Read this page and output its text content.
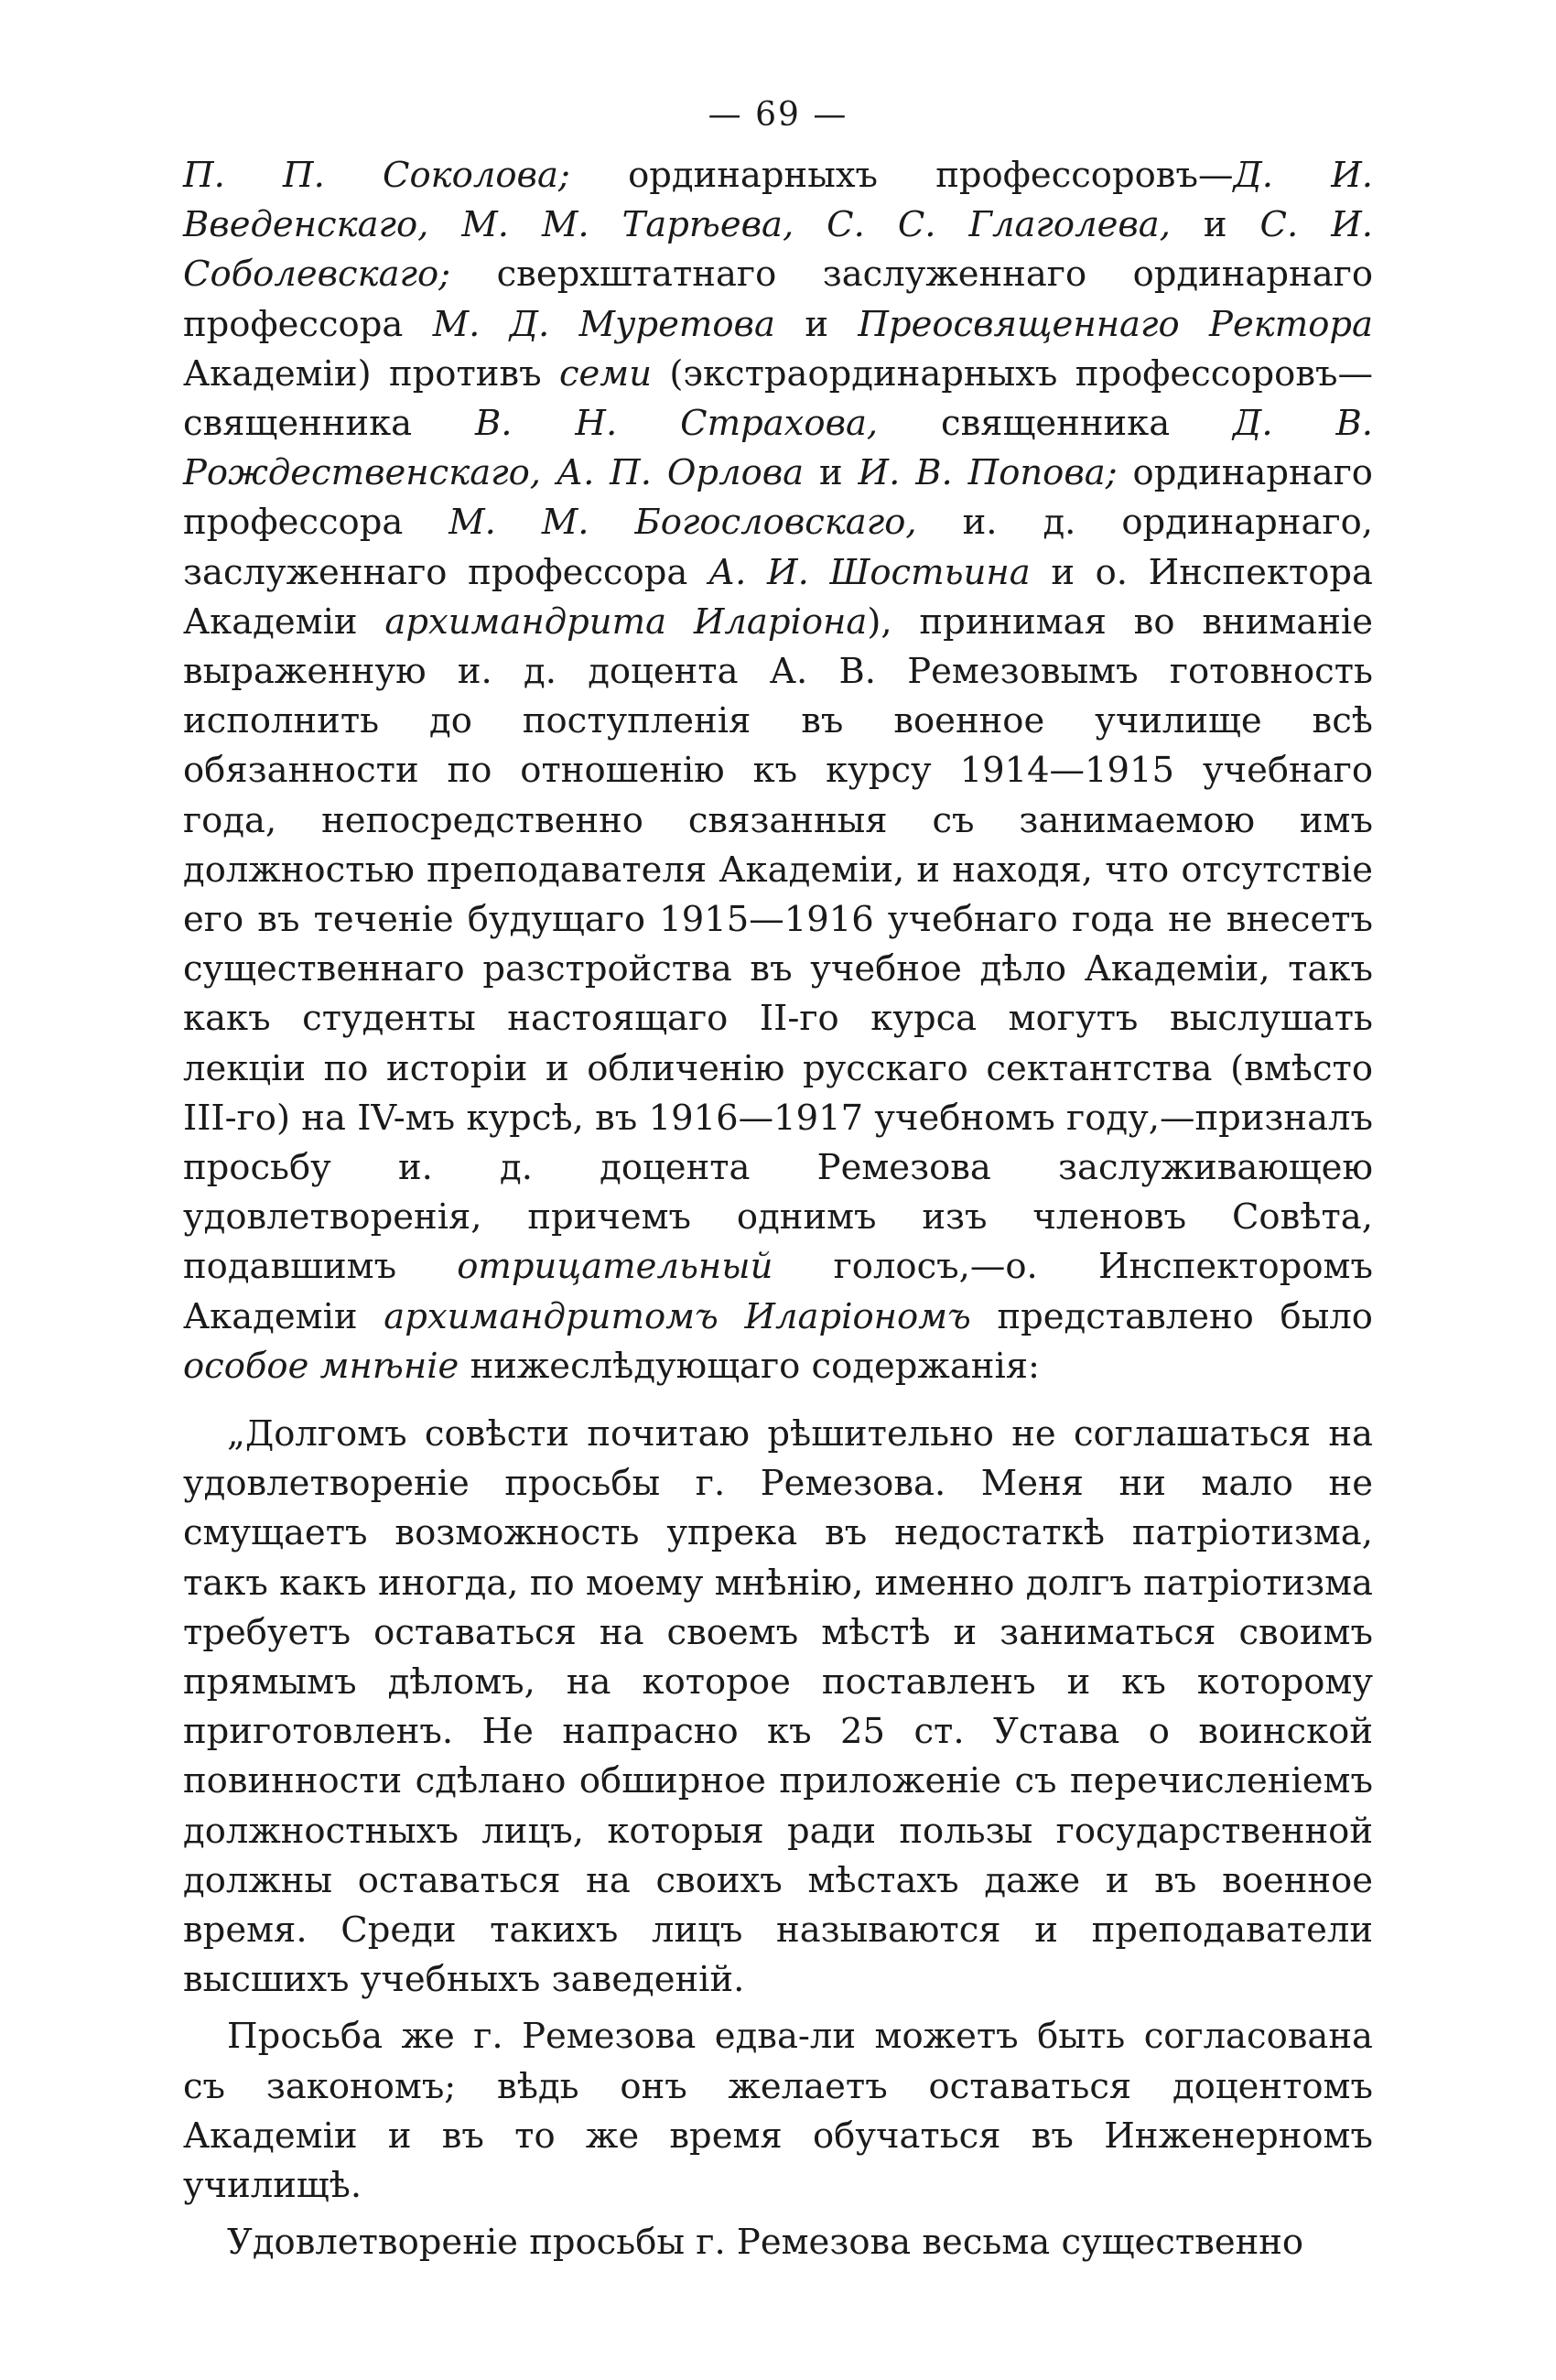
— 69 —

П. П. Соколова; ординарныхъ профессоровъ—Д. И. Введенскаго, М. М. Тарѣева, С. С. Глаголева, и С. И. Соболевскаго; сверхштатнаго заслуженнаго ординарнаго профессора М. Д. Муретова и Преосвященнаго Ректора Академіи) противъ семи (экстраординарныхъ профессоровъ—священника В. Н. Страхова, священника Д. В. Рождественскаго, А. П. Орлова и И. В. Попова; ординарнаго профессора М. М. Богословскаго, и. д. ординарнаго, заслуженнаго профессора А. И. Шостьина и о. Инспектора Академіи архимандрита Иларіона), принимая во вниманіе выраженную и. д. доцента А. В. Ремезовымъ готовность исполнить до поступленія въ военное училище всѣ обязанности по отношенію къ курсу 1914—1915 учебнаго года, непосредственно связанныя съ занимаемою имъ должностью преподавателя Академіи, и находя, что отсутствіе его въ теченіе будущаго 1915—1916 учебнаго года не внесетъ существеннаго разстройства въ учебное дѣло Академіи, такъ какъ студенты настоящаго II-го курса могутъ выслушать лекціи по исторіи и обличенію русскаго сектантства (вмѣсто III-го) на IV-мъ курсѣ, въ 1916—1917 учебномъ году,—призналъ просьбу и. д. доцента Ремезова заслуживающею удовлетворенія, причемъ однимъ изъ членовъ Совѣта, подавшимъ отрицательный голосъ,—о. Инспекторомъ Академіи архимандритомъ Иларіономъ представлено было особое мнѣніе нижеслѣдующаго содержанія:

„Долгомъ совѣсти почитаю рѣшительно не соглашаться на удовлетвореніе просьбы г. Ремезова. Меня ни мало не смущаетъ возможность упрека въ недостаткѣ патріотизма, такъ какъ иногда, по моему мнѣнію, именно долгъ патріотизма требуетъ оставаться на своемъ мѣстѣ и заниматься своимъ прямымъ дѣломъ, на которое поставленъ и къ которому приготовленъ. Не напрасно къ 25 ст. Устава о воинской повинности сдѣлано обширное приложеніе съ перечисленіемъ должностныхъ лицъ, которыя ради пользы государственной должны оставаться на своихъ мѣстахъ даже и въ военное время. Среди такихъ лицъ называются и преподаватели высшихъ учебныхъ заведеній.

Просьба же г. Ремезова едва-ли можетъ быть согласована съ закономъ; вѣдь онъ желаетъ оставаться доцентомъ Академіи и въ то же время обучаться въ Инженерномъ училищѣ.

Удовлетвореніе просьбы г. Ремезова весьма существенно
